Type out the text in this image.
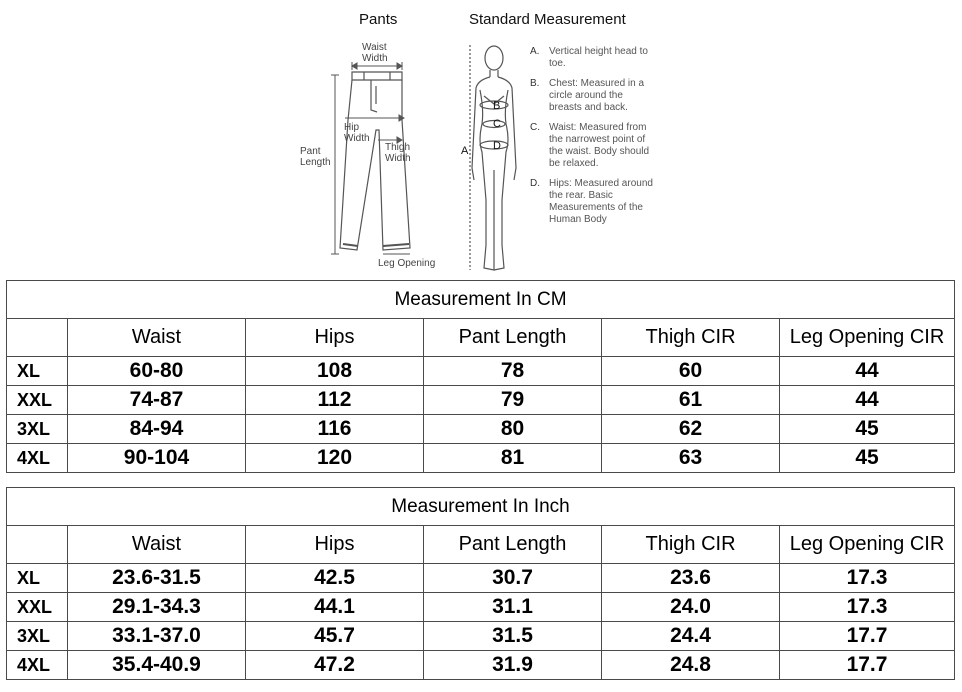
Pants	Standard Measurement
Waist
Width
Hip
Width
Pant
Length
Thigh
Width
Leg Opening
A
B
C
D
A. Vertical height head to toe.
B. Chest: Measured in a circle around the breasts and back.
C. Waist: Measured from the narrowest point of the waist. Body should be relaxed.
D. Hips: Measured around the rear. Basic Measurements of the Human Body
Measurement In CM					
	Waist	Hips	Pant Length	Thigh CIR	Leg Opening CIR
XL	60-80	108	78	60	44
XXL	74-87	112	79	61	44
3XL	84-94	116	80	62	45
4XL	90-104	120	81	63	45
Measurement In Inch					
	Waist	Hips	Pant Length	Thigh CIR	Leg Opening CIR
XL	23.6-31.5	42.5	30.7	23.6	17.3
XXL	29.1-34.3	44.1	31.1	24.0	17.3
3XL	33.1-37.0	45.7	31.5	24.4	17.7
4XL	35.4-40.9	47.2	31.9	24.8	17.7
